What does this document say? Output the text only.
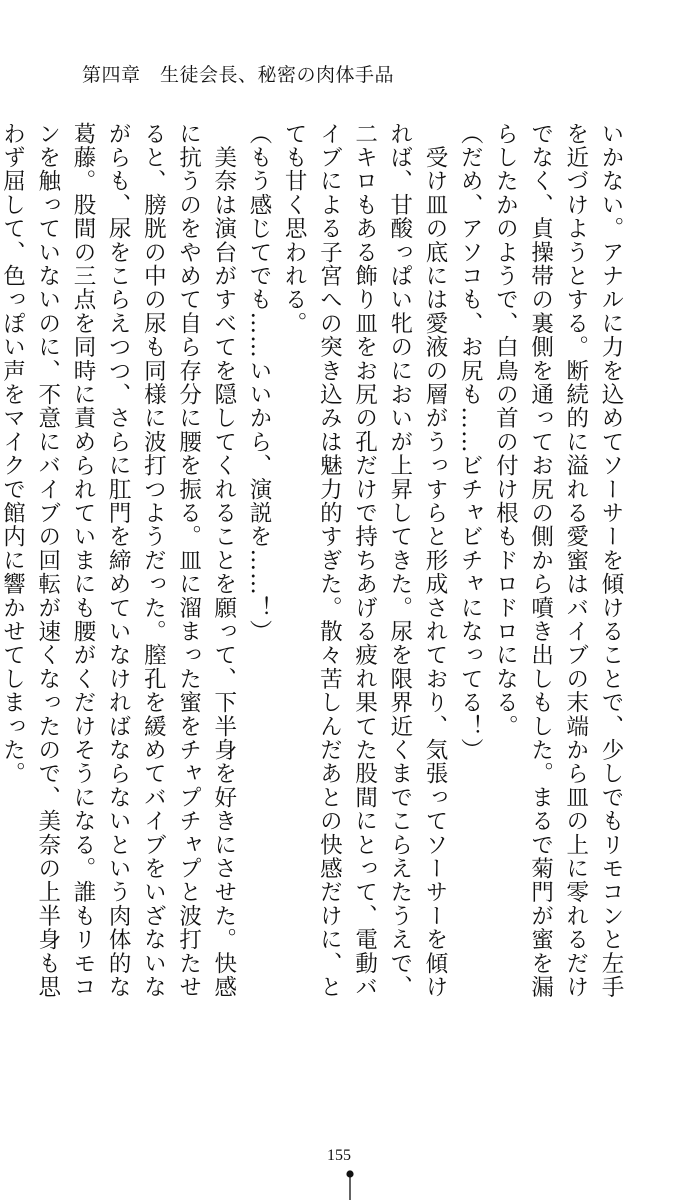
第四章　生徒会長、秘密の肉体手品

いかない。アナルに力を込めてソーサーを傾けることで、少しでもリモコンと左手を近づけようとする。断続的に溢れる愛蜜はバイブの末端から皿の上に零れるだけでなく、貞操帯の裏側を通ってお尻の側から噴き出しもした。まるで菊門が蜜を漏らしたかのようで、白鳥の首の付け根もドロドロになる。

（だめ、アソコも、お尻も……ビチャビチャになってる！）

　受け皿の底には愛液の層がうっすらと形成されており、気張ってソーサーを傾ければ、甘酸っぱい牝のにおいが上昇してきた。尿を限界近くまでこらえたうえで、二キロもある飾り皿をお尻の孔だけで持ちあげる疲れ果てた股間にとって、電動バイブによる子宮への突き込みは魅力的すぎた。散々苦しんだあとの快感だけに、とても甘く思われる。

（もう感じてでも……いいから、演説を……！）

　美奈は演台がすべてを隠してくれることを願って、下半身を好きにさせた。快感に抗うのをやめて自ら存分に腰を振る。皿に溜まった蜜をチャプチャプと波打たせると、膀胱の中の尿も同様に波打つようだった。膣孔を緩めてバイブをいざないながらも、尿をこらえつつ、さらに肛門を締めていなければならないという肉体的な葛藤。股間の三点を同時に責められていまにも腰がくだけそうになる。誰もリモコンを触っていないのに、不意にバイブの回転が速くなったので、美奈の上半身も思わず屈して、色っぽい声をマイクで館内に響かせてしまった。

155
